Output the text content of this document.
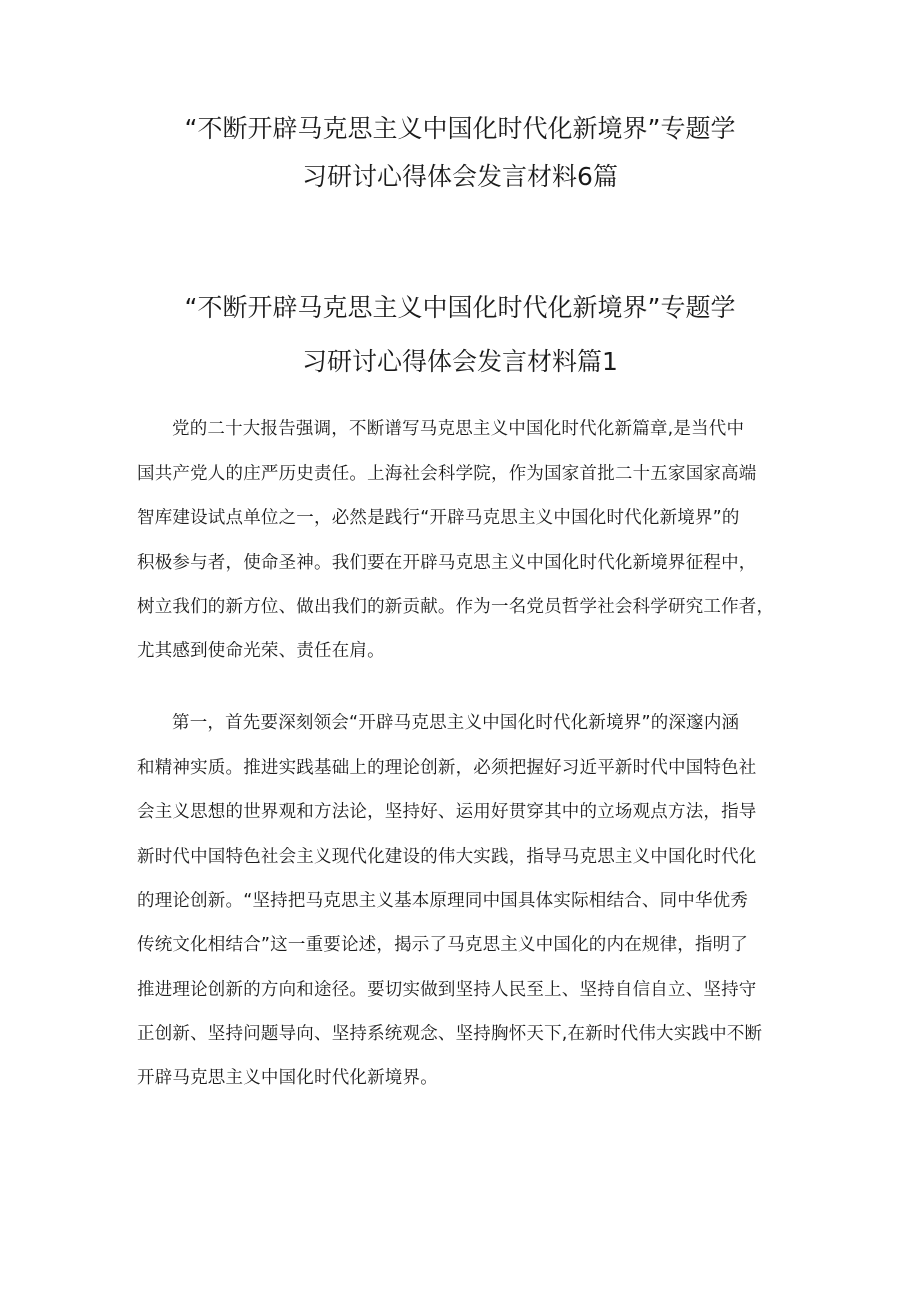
“不断开辟马克思主义中国化时代化新境界”专题学
习研讨心得体会发言材料6篇
“不断开辟马克思主义中国化时代化新境界”专题学
习研讨心得体会发言材料篇1
党的二十大报告强调，不断谱写马克思主义中国化时代化新篇章,是当代中
国共产党人的庄严历史责任。上海社会科学院，作为国家首批二十五家国家高端
智库建设试点单位之一，必然是践行“开辟马克思主义中国化时代化新境界”的
积极参与者，使命圣神。我们要在开辟马克思主义中国化时代化新境界征程中，
树立我们的新方位、做出我们的新贡献。作为一名党员哲学社会科学研究工作者，
尤其感到使命光荣、责任在肩。
第一，首先要深刻领会“开辟马克思主义中国化时代化新境界”的深邃内涵
和精神实质。推进实践基础上的理论创新，必须把握好习近平新时代中国特色社
会主义思想的世界观和方法论，坚持好、运用好贯穿其中的立场观点方法，指导
新时代中国特色社会主义现代化建设的伟大实践，指导马克思主义中国化时代化
的理论创新。“坚持把马克思主义基本原理同中国具体实际相结合、同中华优秀
传统文化相结合”这一重要论述，揭示了马克思主义中国化的内在规律，指明了
推进理论创新的方向和途径。要切实做到坚持人民至上、坚持自信自立、坚持守
正创新、坚持问题导向、坚持系统观念、坚持胸怀天下,在新时代伟大实践中不断
开辟马克思主义中国化时代化新境界。
